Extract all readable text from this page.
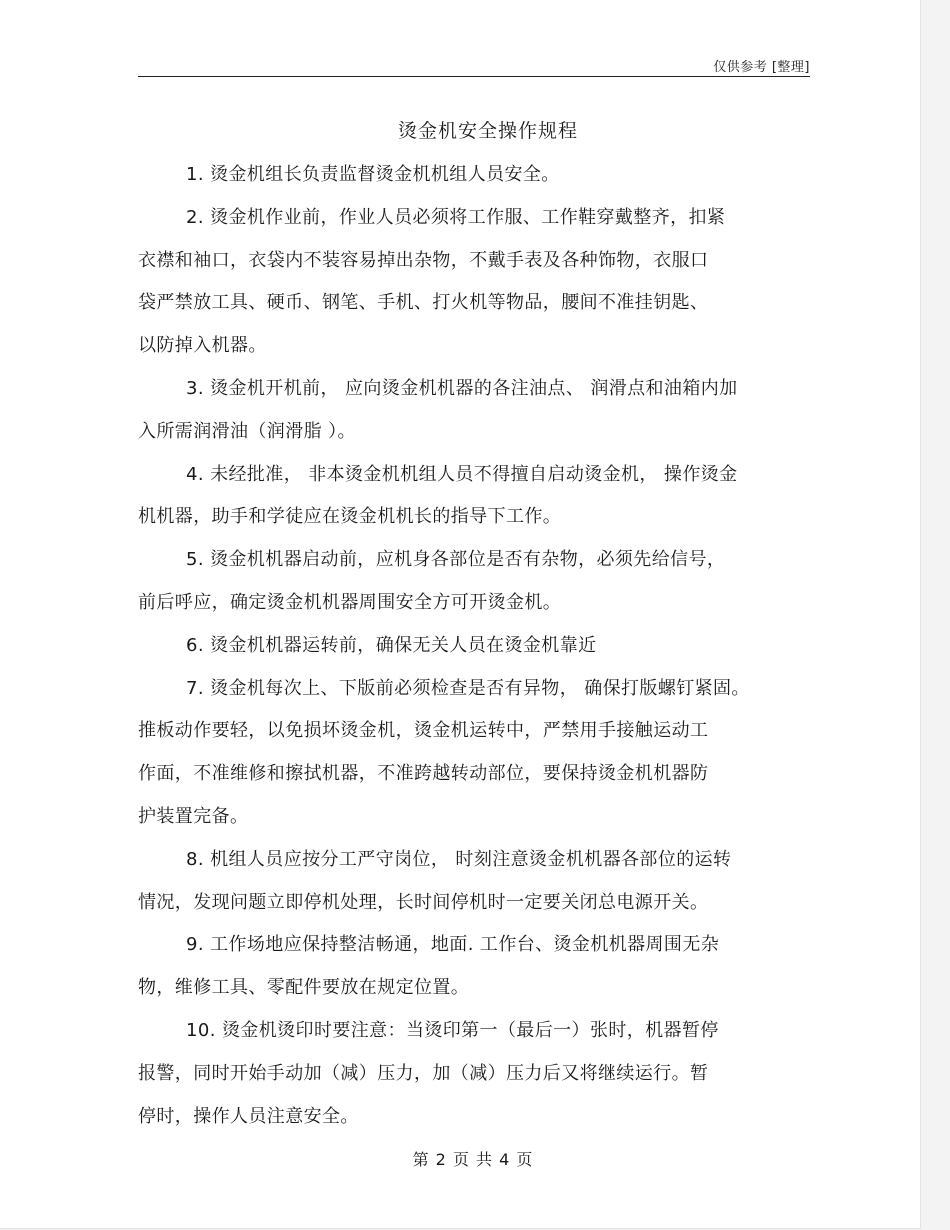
仅供参考 [整理]
烫金机安全操作规程

1. 烫金机组长负责监督烫金机机组人员安全。

2. 烫金机作业前，作业人员必须将工作服、工作鞋穿戴整齐，扣紧
衣襟和袖口，衣袋内不装容易掉出杂物，不戴手表及各种饰物，衣服口
袋严禁放工具、硬币、钢笔、手机、打火机等物品，腰间不准挂钥匙、
以防掉入机器。

3. 烫金机开机前， 应向烫金机机器的各注油点、 润滑点和油箱内加
入所需润滑油（润滑脂 ）。

4. 未经批准， 非本烫金机机组人员不得擅自启动烫金机， 操作烫金
机机器，助手和学徒应在烫金机机长的指导下工作。

5. 烫金机机器启动前，应机身各部位是否有杂物，必须先给信号，
前后呼应，确定烫金机机器周围安全方可开烫金机。

6. 烫金机机器运转前，确保无关人员在烫金机靠近

7. 烫金机每次上、下版前必须检查是否有异物， 确保打版螺钉紧固。
推板动作要轻，以免损坏烫金机，烫金机运转中，严禁用手接触运动工
作面，不准维修和擦拭机器，不准跨越转动部位，要保持烫金机机器防
护装置完备。

8. 机组人员应按分工严守岗位， 时刻注意烫金机机器各部位的运转
情况，发现问题立即停机处理，长时间停机时一定要关闭总电源开关。

9. 工作场地应保持整洁畅通，地面. 工作台、烫金机机器周围无杂
物，维修工具、零配件要放在规定位置。

10. 烫金机烫印时要注意：当烫印第一（最后一）张时，机器暂停
报警，同时开始手动加（减）压力，加（减）压力后又将继续运行。暂
停时，操作人员注意安全。

第 2 页 共 4 页
